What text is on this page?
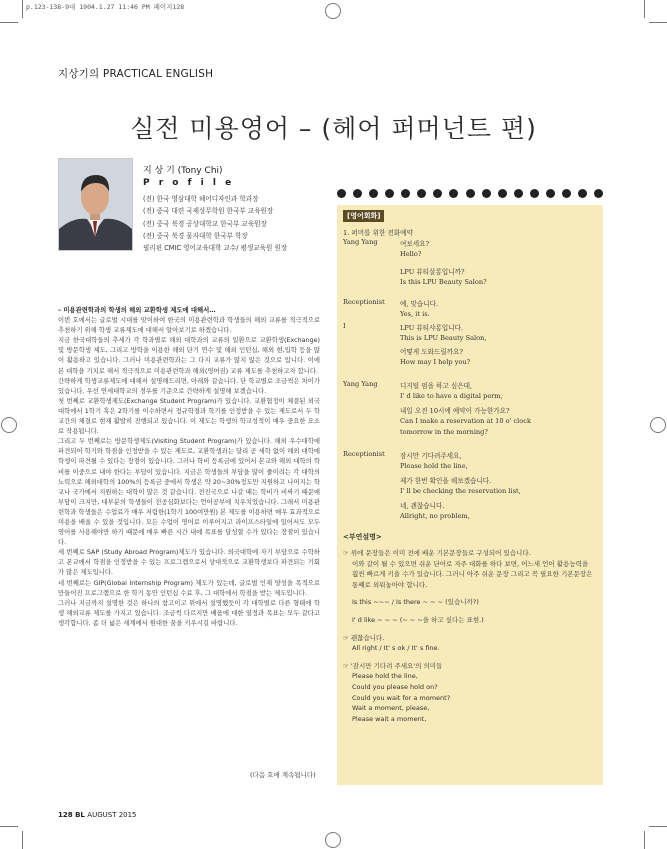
p.123-138-9대 1904.1.27 11:46 PM 페이지128
지상기의 PRACTICAL ENGLISH
실전 미용영어 – (헤어 퍼머넌트 편)
지 상 기 (Tony Chi)
P r o f i l e
(전) 한국 영삼대학 헤어디자인과 학과장
(전) 중국 대련 국제상무학원 한국부 교육원장
(전) 중국 북경 공상대학교 한국부 교육원장
(전) 중국 북경 물자대학 한국부 학장
필리핀 CMIC 영어교육대학 교수/ 평생교육원 원장

– 미용관련학과의 학생의 해외 교환학생 제도에 대해서…

이번 호에서는 글로벌 시대를 맞이하여 한국의 미용관련학과 학생들의 해외 교류를 적극적으로 추천하기 위해 학생 교류제도에 대해서 알아보기로 하겠습니다.

지금 한국대학들의 추세가 각 학과별로 해외 대학과의 교류의 일환으로 교환학생(Exchange)및 방문학생 제도, 그리고 방학을 이용한 해외 단기 연수 및 해외 인턴십, 해외 현,입학 등을 많이 활용하고 있습니다. 그러나 미용관련학과는 그 다지 교류가 많지 않은 것으로 압니다. 이에 본 대학을 기치로 해서 적극적으로 미용관련학과 해외(영어권) 교류 제도를 추천하고자 합니다.

간략하게 학생교류제도에 대해서 설명해드리면, 아래와 같습니다. 단 학교별로 조금씩은 차이가 있습니다. 우선 연세대학교의 경우를 기준으로 간략하게 설명해 보겠습니다.

첫 번째로 교환학생제도(Exchange Student Program)가 있습니다. 교환협정이 체결된 외국대학에서 1학기 혹은 2학기를 이수하면서 정규학점과 학기를 인정받을 수 있는 제도로서 두 학교간의 체결로 현재 활발히 진행되고 있습니다. 이 제도는 학생의 학교성적이 매우 중요한 요소로 작용됩니다.

그리고 두 번째로는 방문학생제도(Visiting Student Program)가 있습니다. 해외 우수대학에 파견되어 학기와 학점을 인정받을 수 있는 제도로, 교환학생과는 달리 곧 세학 없이 해외 대학에 학생이 파견될 수 있다는 장점이 있습니다. 그러나 학비 등록금에 있어서 본교와 해외 대학의 학비를 이중으로 내야 한다는 부담이 있습니다. 지금은 학생들의 부담을 많이 줄이려는 각 대학의 노력으로 해외대학의 100%의 등록금 중에서 학생은 약 20~30%정도만 지원하고 나머지는 학교나 국가에서 지원하는 대학이 많은 것 같습니다. 전진국으로 나갈 때는 학비가 비싸기 때문에 부담이 크지만, 대부분의 학생들이 전공심화보다는 언어공부에 치우치었습니다. 그래서 미용관련학과 학생들은 수업료가 매우 저렴한(1학기 100여만원) 본 제도를 이용하면 매우 효과적으로 미용을 배울 수 있을 것입니다. 모든 수업이 영어로 이루어지고 라이프스타일에 있어서도 모두 영어를 사용해야만 하기 때문에 매우 빠른 시간 내에 목표를 달성할 수가 있다는 장점이 있습니다.

세 번째로 SAP (Study Abroad Program)제도가 있습니다. 외국대학에 자기 부담으로 수학하고 본교에서 학점을 인정받을 수 있는 프로그램으로서 상대적으로 교환학생보다 파견되는 기회가 많은 제도입니다.

네 번째로는 GIP(Global Internship Program) 제도가 있는데, 글로벌 인재 양성을 목적으로 만들어진 프로그램으로 한 학기 동안 인턴십 수료 후, 그 대학에서 학점을 받는 제도입니다.

그러나 지금까지 설명한 것은 하나의 참고이고 위에서 설명했듯이 각 대학별로 다른 형태에 학생 해외교류 제도를 가지고 있습니다. 조금씩 다르지만 배움에 대한 열정과 목표는 모두 같다고 생각합니다. 좀 더 넓은 세계에서 원대한 꿈을 키우시길 바랍니다.

(다음 호에 계속됩니다)
128 BL AUGUST 2015
[영어회화]
1. 퍼머를 위한 전화예약
Yang Yang	여보세요?
Hello?
LPU 뷰티살롱입니까?
Is this LPU Beauty Salon?
Receptionist 예, 맞습니다.
Yes, it is.
I	LPU 뷰티샤롱입니다.
This is LPU Beauty Salon,
어떻게 도와드릴까요?
How may I help you?
Yang Yang	디지털 펌을 하고 싶은데,
I' d like to have a digital perm,
내일 오전 10시에 예약이 가능한가요?
Can I make a reservation at 10 o' clock
tomorrow in the morning?
Receptionist 잠시만 기다려주세요,
Please hold the line,
제가 한번 확인을 해보겠습니다.
I' ll be checking the reservation list,
네, 괜찮습니다.
Allright, no problem,
<부연설명>

☞ 위에 문장들은 이미 전에 배운 기본문장들로 구성되어 있습니다.

이와 같이 될 수 있으면 쉬운 단어로 자주 대화를 하다 보면, 어느새 언어 활용능력을 훨씬 빠르게 키울 수가 있습니다. 그러니 아주 쉬운 문장 그리고 꼭 필요한 기본문장은 통째로 외워놓아야 합니다.

Is this ~~~ / Is there ~ ~ ~ (있습니까?)

I' d like ~ ~ ~ (~ ~ ~을 하고 싶다는 표현.)

☞ 괜찮습니다.

All right / It' s ok / It' s fine.

☞ '잠시만 기다려 주세요'의 의미들

Please hold the line,

Could you please hold on?

Could you wait for a moment?

Wait a moment, please,

Please wait a moment,
